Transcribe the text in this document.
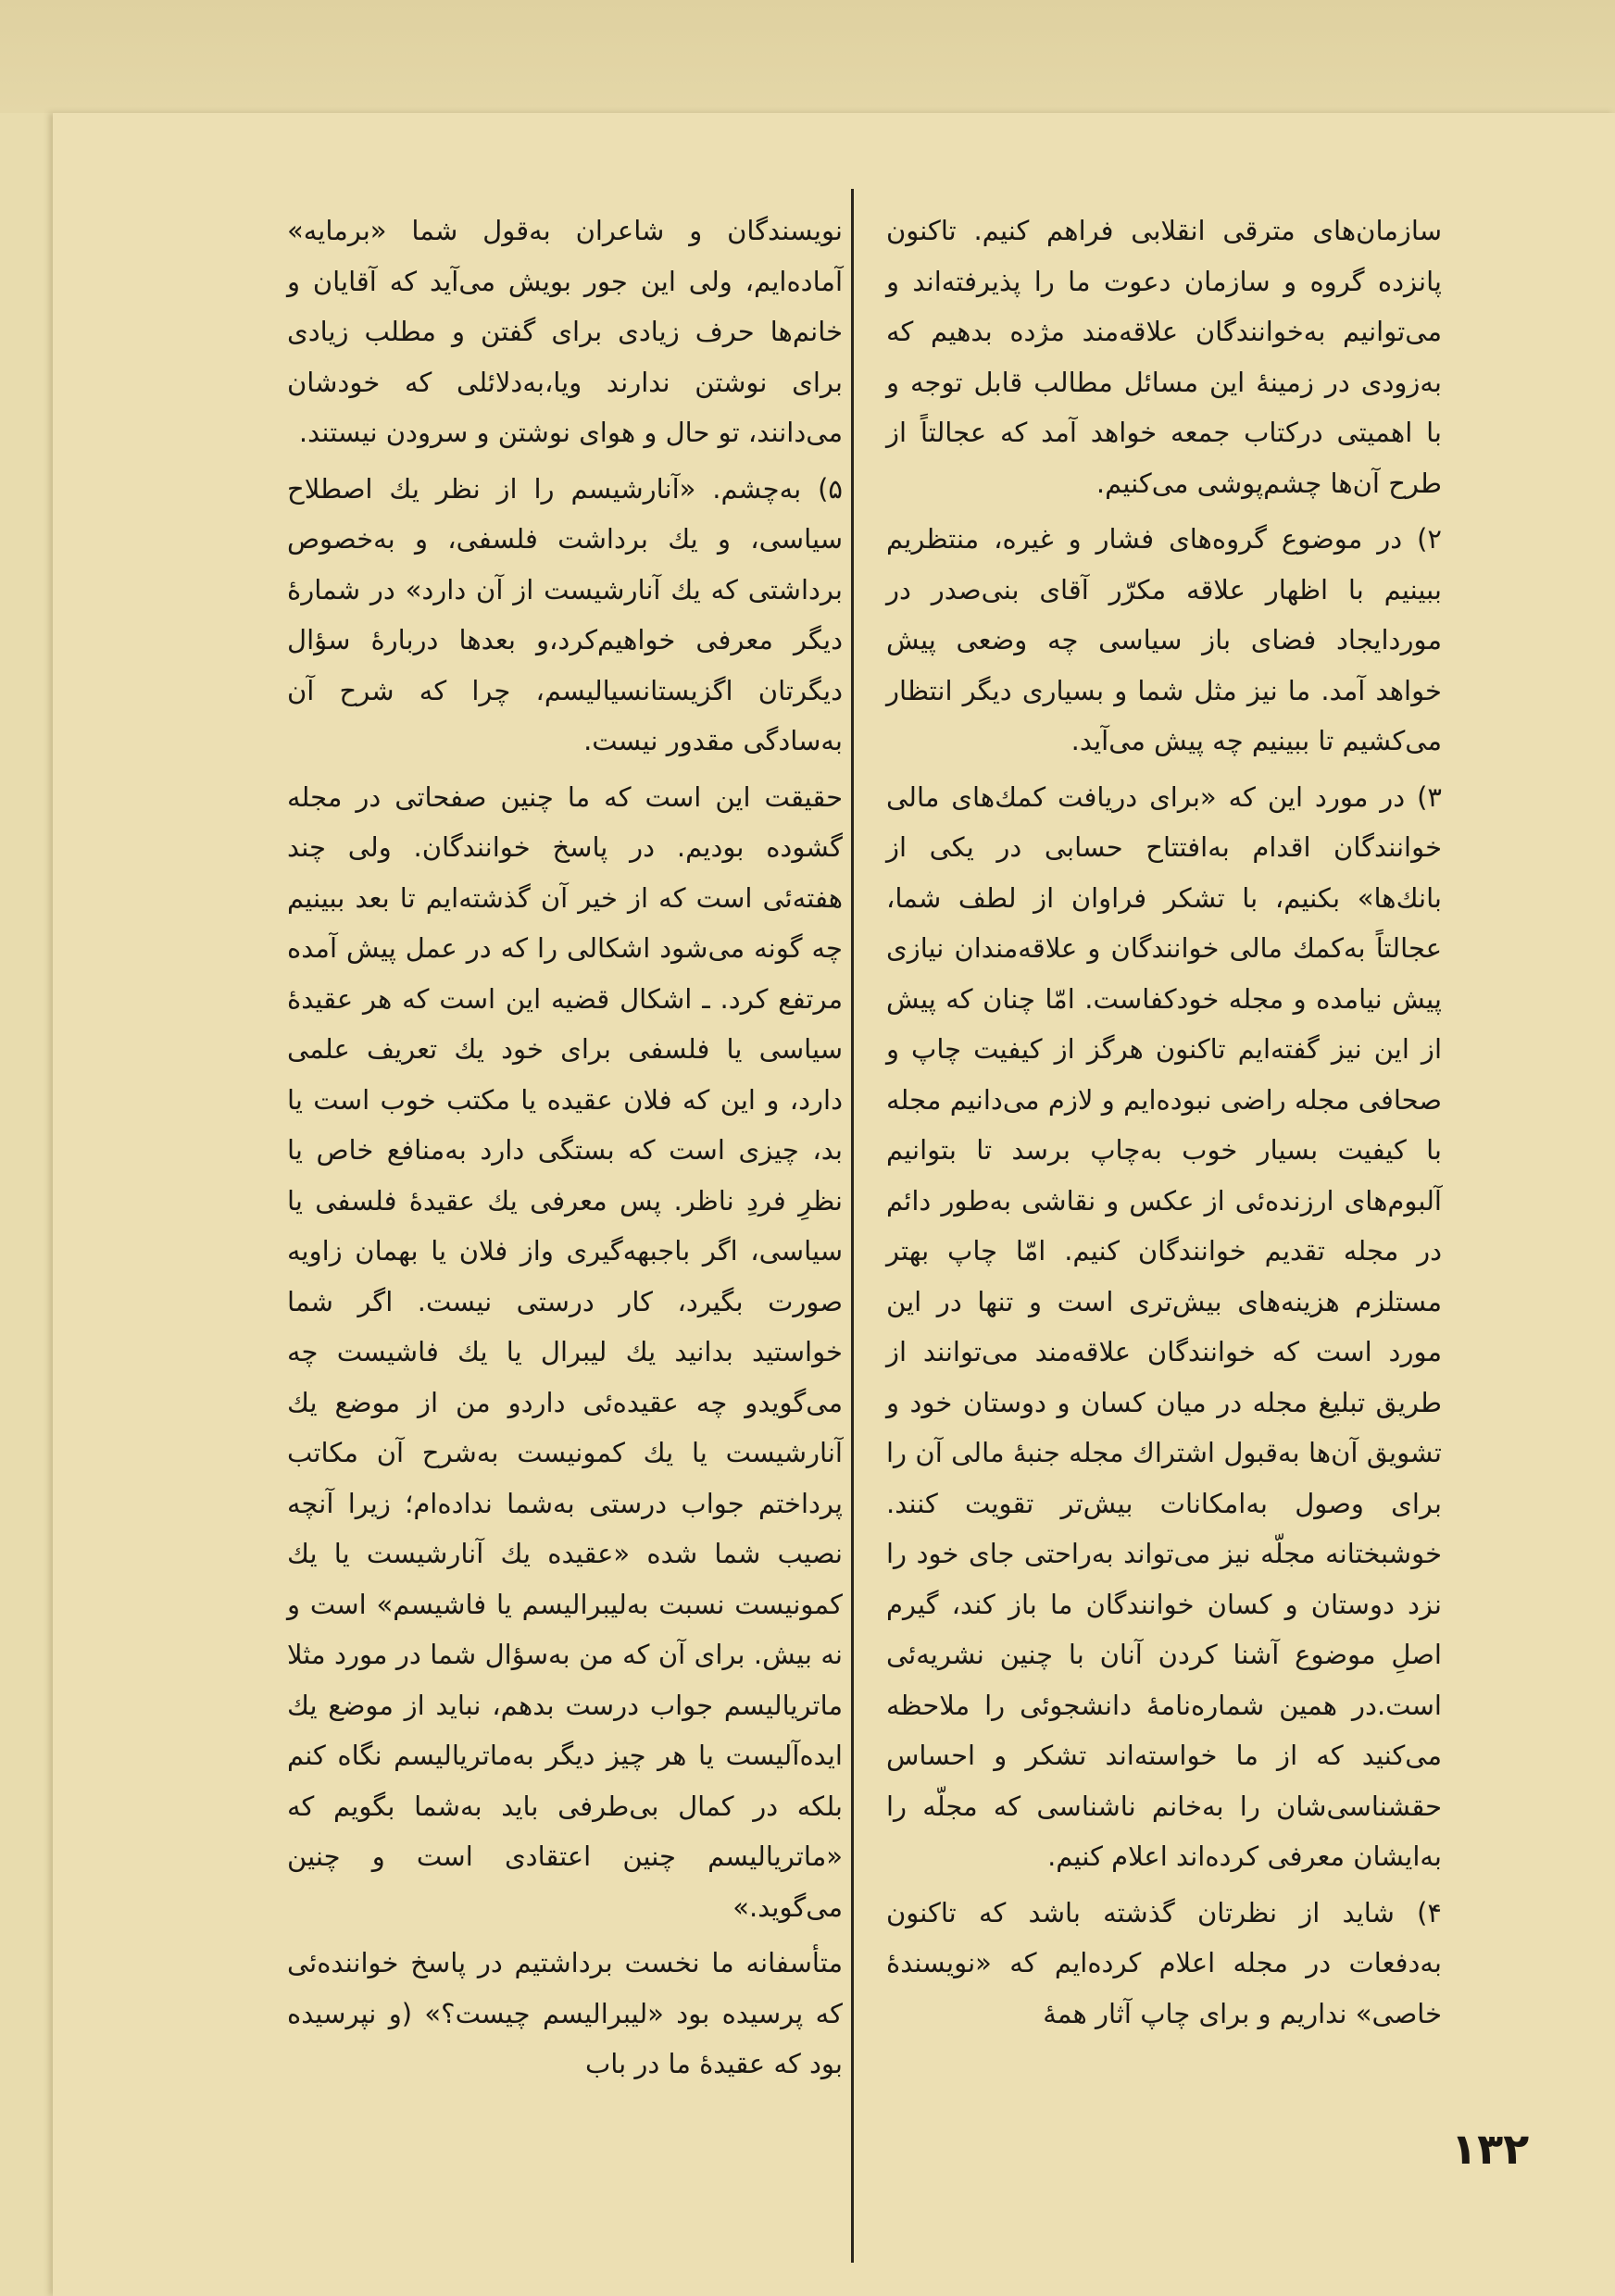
سازمان‌های مترقی انقلابی فراهم کنیم. تاکنون پانزده گروه و سازمان دعوت ما را پذیرفته‌اند و می‌توانیم به‌خوانندگان علاقه‌مند مژده بدهیم که به‌زودی در زمینهٔ این مسائل مطالب قابل توجه و با اهمیتی درکتاب جمعه خواهد آمد که عجالتاً از طرح آن‌ها چشم‌پوشی می‌کنیم.

۲) در موضوع گروه‌های فشار و غیره، منتظریم ببینیم با اظهار علاقه مکرّر آقای بنی‌صدر در موردایجاد فضای باز سیاسی چه وضعی پیش خواهد آمد. ما نیز مثل شما و بسیاری دیگر انتظار می‌کشیم تا ببینیم چه پیش می‌آید.

۳) در مورد این که «برای دریافت کمك‌های مالی خوانندگان اقدام به‌افتتاح حسابی در یکی از بانك‌ها» بکنیم، با تشکر فراوان از لطف شما، عجالتاً به‌کمك مالی خوانندگان و علاقه‌مندان نیازی پیش نیامده و مجله خودکفاست. امّا چنان که پیش از این نیز گفته‌ایم تاکنون هرگز از کیفیت چاپ و صحافی مجله راضی نبوده‌ایم و لازم می‌دانیم مجله با کیفیت بسیار خوب به‌چاپ برسد تا بتوانیم آلبوم‌های ارزنده‌ئی از عکس و نقاشی به‌طور دائم در مجله تقدیم خوانندگان کنیم. امّا چاپ بهتر مستلزم هزینه‌های بیش‌تری است و تنها در این مورد است که خوانندگان علاقه‌مند می‌توانند از طریق تبلیغ مجله در میان کسان و دوستان خود و تشویق آن‌ها به‌قبول اشتراك مجله جنبهٔ مالی آن را برای وصول به‌امکانات بیش‌تر تقویت کنند. خوشبختانه مجلّه نیز می‌تواند به‌راحتی جای خود را نزد دوستان و کسان خوانندگان ما باز کند، گیرم اصلِ موضوع آشنا کردن آنان با چنین نشریه‌ئی است.در همین شماره‌نامهٔ دانشجوئی را ملاحظه می‌کنید که از ما خواسته‌اند تشکر و احساس حقشناسی‌شان را به‌خانم ناشناسی که مجلّه را به‌ایشان معرفی کرده‌اند اعلام کنیم.

۴) شاید از نظرتان گذشته باشد که تاکنون به‌دفعات در مجله اعلام کرده‌ایم که «نویسندهٔ خاصی» نداریم و برای چاپ آثار همهٔ

نویسندگان و شاعران به‌قول شما «برمایه» آماده‌ایم، ولی این جور بویش می‌آید که آقایان و خانم‌ها حرف زیادی برای گفتن و مطلب زیادی برای نوشتن ندارند ویا،به‌دلائلی که خودشان می‌دانند، تو حال و هوای نوشتن و سرودن نیستند.

۵) به‌چشم. «آنارشیسم را از نظر یك اصطلاح سیاسی، و یك برداشت فلسفی، و به‌خصوص برداشتی که یك آنارشیست از آن دارد» در شمارهٔ دیگر معرفی خواهیم‌کرد،و بعدها دربارهٔ سؤال دیگرتان اگزیستانسیالیسم، چرا که شرح آن به‌سادگی مقدور نیست.

حقیقت این است که ما چنین صفحاتی در مجله گشوده بودیم. در پاسخ خوانندگان. ولی چند هفته‌ئی است که از خیر آن گذشته‌ایم تا بعد ببینیم چه گونه می‌شود اشکالی را که در عمل پیش آمده مرتفع کرد. ـ اشکال قضیه این است که هر عقیدهٔ سیاسی یا فلسفی برای خود یك تعریف علمی دارد، و این که فلان عقیده یا مکتب خوب است یا بد، چیزی است که بستگی دارد به‌منافع خاص یا نظرِ فردِ ناظر. پس معرفی یك عقیدهٔ فلسفی یا سیاسی، اگر باجبهه‌گیری واز فلان یا بهمان زاویه صورت بگیرد، کار درستی نیست. اگر شما خواستید بدانید یك لیبرال یا یك فاشیست چه می‌گویدو چه عقیده‌ئی داردو من از موضع یك آنارشیست یا یك کمونیست به‌شرح آن مکاتب پرداختم جواب درستی به‌شما نداده‌ام؛ زیرا آنچه نصیب شما شده «عقیده یك آنارشیست یا یك کمونیست نسبت به‌لیبرالیسم یا فاشیسم» است و نه بیش. برای آن که من به‌سؤال شما در مورد مثلا ماتریالیسم جواب درست بدهم، نباید از موضع یك ایده‌آلیست یا هر چیز دیگر به‌ماتریالیسم نگاه کنم بلکه در کمال بی‌طرفی باید به‌شما بگویم که «ماتریالیسم چنین اعتقادی است و چنین می‌گوید.»

متأسفانه ما نخست برداشتیم در پاسخ خواننده‌ئی که پرسیده بود «لیبرالیسم چیست؟» (و نپرسیده بود که عقیدهٔ ما در باب

۱۳۲
